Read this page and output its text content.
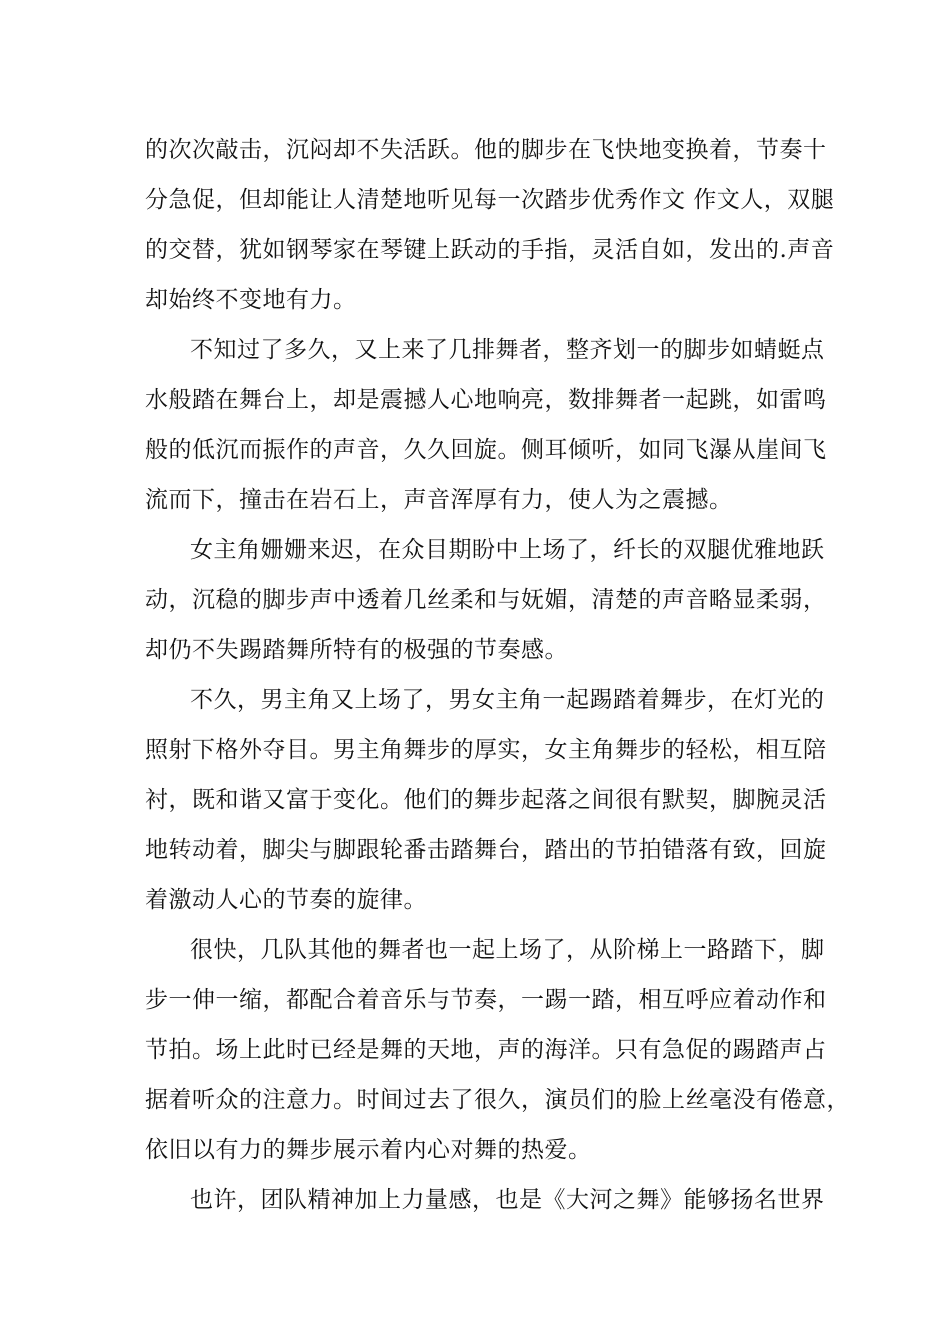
的次次敲击，沉闷却不失活跃。他的脚步在飞快地变换着，节奏十
分急促，但却能让人清楚地听见每一次踏步优秀作文 作文人，双腿
的交替，犹如钢琴家在琴键上跃动的手指，灵活自如，发出的.声音
却始终不变地有力。
不知过了多久，又上来了几排舞者，整齐划一的脚步如蜻蜓点
水般踏在舞台上，却是震撼人心地响亮，数排舞者一起跳，如雷鸣
般的低沉而振作的声音，久久回旋。侧耳倾听，如同飞瀑从崖间飞
流而下，撞击在岩石上，声音浑厚有力，使人为之震撼。
女主角姗姗来迟，在众目期盼中上场了，纤长的双腿优雅地跃
动，沉稳的脚步声中透着几丝柔和与妩媚，清楚的声音略显柔弱，
却仍不失踢踏舞所特有的极强的节奏感。
不久，男主角又上场了，男女主角一起踢踏着舞步，在灯光的
照射下格外夺目。男主角舞步的厚实，女主角舞步的轻松，相互陪
衬，既和谐又富于变化。他们的舞步起落之间很有默契，脚腕灵活
地转动着，脚尖与脚跟轮番击踏舞台，踏出的节拍错落有致，回旋
着激动人心的节奏的旋律。
很快，几队其他的舞者也一起上场了，从阶梯上一路踏下，脚
步一伸一缩，都配合着音乐与节奏，一踢一踏，相互呼应着动作和
节拍。场上此时已经是舞的天地，声的海洋。只有急促的踢踏声占
据着听众的注意力。时间过去了很久，演员们的脸上丝毫没有倦意，
依旧以有力的舞步展示着内心对舞的热爱。
也许，团队精神加上力量感，也是《大河之舞》能够扬名世界
